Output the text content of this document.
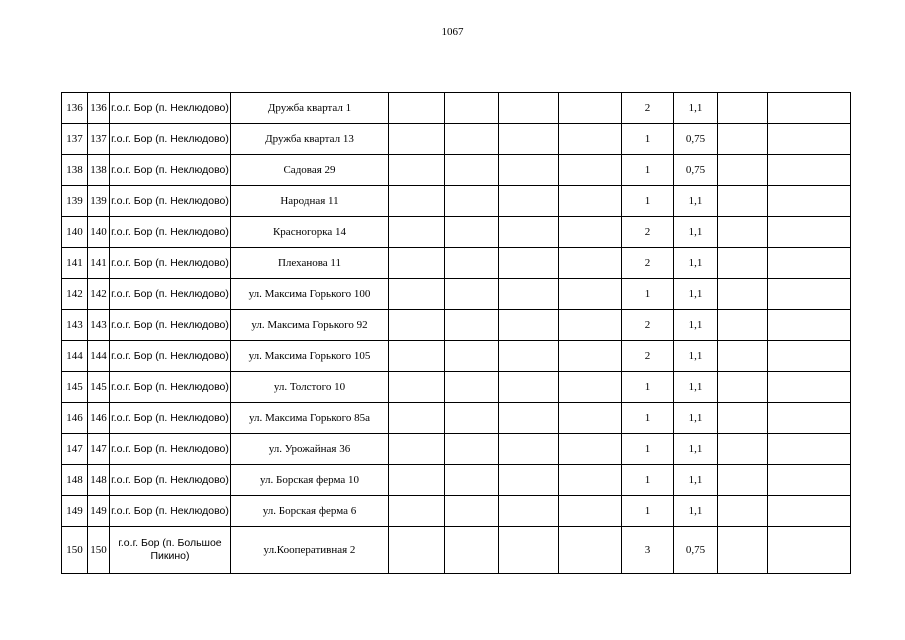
1067
136	136	г.о.г. Бор (п. Неклюдово)	Дружба квартал 1					2	1,1		
137	137	г.о.г. Бор (п. Неклюдово)	Дружба квартал 13					1	0,75		
138	138	г.о.г. Бор (п. Неклюдово)	Садовая 29					1	0,75		
139	139	г.о.г. Бор (п. Неклюдово)	Народная 11					1	1,1		
140	140	г.о.г. Бор (п. Неклюдово)	Красногорка 14					2	1,1		
141	141	г.о.г. Бор (п. Неклюдово)	Плеханова 11					2	1,1		
142	142	г.о.г. Бор (п. Неклюдово)	ул. Максима Горького 100					1	1,1		
143	143	г.о.г. Бор (п. Неклюдово)	ул. Максима Горького 92					2	1,1		
144	144	г.о.г. Бор (п. Неклюдово)	ул. Максима Горького 105					2	1,1		
145	145	г.о.г. Бор (п. Неклюдово)	ул. Толстого 10					1	1,1		
146	146	г.о.г. Бор (п. Неклюдово)	ул. Максима Горького 85а					1	1,1		
147	147	г.о.г. Бор (п. Неклюдово)	ул. Урожайная 36					1	1,1		
148	148	г.о.г. Бор (п. Неклюдово)	ул. Борская ферма 10					1	1,1		
149	149	г.о.г. Бор (п. Неклюдово)	ул. Борская ферма 6					1	1,1		
150	150	г.о.г. Бор (п. Большое Пикино)	ул.Кооперативная 2					3	0,75		
